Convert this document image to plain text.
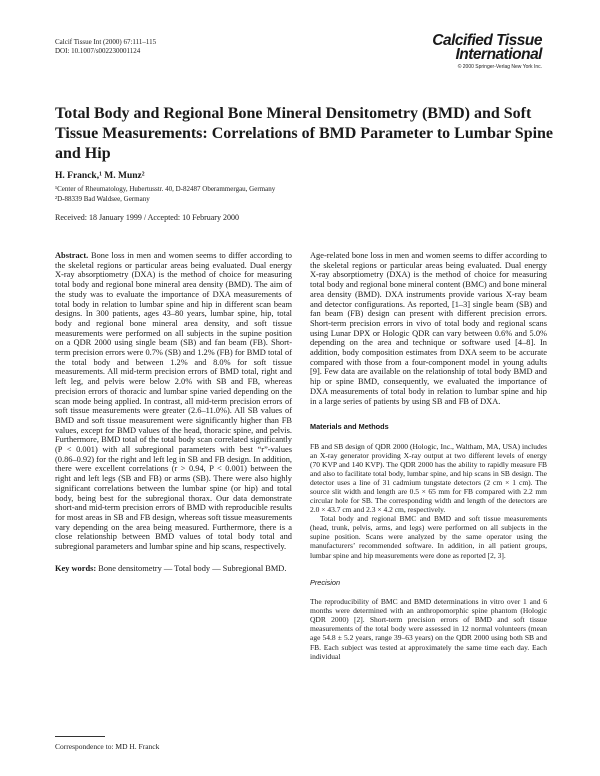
Calcif Tissue Int (2000) 67:111–115
DOI: 10.1007/s002230001124
Calcified Tissue
International
© 2000 Springer-Verlag New York Inc.
Total Body and Regional Bone Mineral Densitometry (BMD) and Soft Tissue Measurements: Correlations of BMD Parameter to Lumbar Spine and Hip

H. Franck,¹ M. Munz²

¹Center of Rheumatology, Hubertusstr. 40, D-82487 Oberammergau, Germany
²D-88339 Bad Waldsee, Germany
Received: 18 January 1999 / Accepted: 10 February 2000

Abstract. Bone loss in men and women seems to differ according to the skeletal regions or particular areas being evaluated. Dual energy X-ray absorptiometry (DXA) is the method of choice for measuring total body and regional bone mineral area density (BMD). The aim of the study was to evaluate the importance of DXA measurements of total body in relation to lumbar spine and hip in different scan beam designs. In 300 patients, ages 43–80 years, lumbar spine, hip, total body and regional bone mineral area density, and soft tissue measurements were performed on all subjects in the supine position on a QDR 2000 using single beam (SB) and fan beam (FB). Short-term precision errors were 0.7% (SB) and 1.2% (FB) for BMD total of the total body and between 1.2% and 8.0% for soft tissue measurements. All mid-term precision errors of BMD total, right and left leg, and pelvis were below 2.0% with SB and FB, whereas precision errors of thoracic and lumbar spine varied depending on the scan mode being applied. In contrast, all mid-term precision errors of soft tissue measurements were greater (2.6–11.0%). All SB values of BMD and soft tissue measurement were significantly higher than FB values, except for BMD values of the head, thoracic spine, and pelvis. Furthermore, BMD total of the total body scan correlated significantly (P < 0.001) with all subregional parameters with best “r”-values (0.86–0.92) for the right and left leg in SB and FB design. In addition, there were excellent correlations (r > 0.94, P < 0.001) between the right and left legs (SB and FB) or arms (SB). There were also highly significant correlations between the lumbar spine (or hip) and total body, being best for the subregional thorax. Our data demonstrate short-and mid-term precision errors of BMD with reproducible results for most areas in SB and FB design, whereas soft tissue measurements vary depending on the area being measured. Furthermore, there is a close relationship between BMD values of total body total and subregional parameters and lumbar spine and hip scans, respectively.

Key words: Bone densitometry — Total body — Subregional BMD.

Age-related bone loss in men and women seems to differ according to the skeletal regions or particular areas being evaluated. Dual energy X-ray absorptiometry (DXA) is the method of choice for measuring total body and regional bone mineral content (BMC) and bone mineral area density (BMD). DXA instruments provide various X-ray beam and detector configurations. As reported, [1–3] single beam (SB) and fan beam (FB) design can present with different precision errors. Short-term precision errors in vivo of total body and regional scans using Lunar DPX or Hologic QDR can vary between 0.6% and 5.0% depending on the area and technique or software used [4–8]. In addition, body composition estimates from DXA seem to be accurate compared with those from a four-component model in young adults [9]. Few data are available on the relationship of total body BMD and hip or spine BMD, consequently, we evaluated the importance of DXA measurements of total body in relation to lumbar spine and hip in a large series of patients by using SB and FB of DXA.

Materials and Methods

FB and SB design of QDR 2000 (Hologic, Inc., Waltham, MA, USA) includes an X-ray generator providing X-ray output at two different levels of energy (70 KVP and 140 KVP). The QDR 2000 has the ability to rapidly measure FB and also to facilitate total body, lumbar spine, and hip scans in SB design. The detector uses a line of 31 cadmium tungstate detectors (2 cm × 1 cm). The source slit width and length are 0.5 × 65 mm for FB compared with 2.2 mm circular hole for SB. The corresponding width and length of the detectors are 2.0 × 43.7 cm and 2.3 × 4.2 cm, respectively.

Total body and regional BMC and BMD and soft tissue measurements (head, trunk, pelvis, arms, and legs) were performed on all subjects in the supine position. Scans were analyzed by the same operator using the manufacturers’ recommended software. In addition, in all patient groups, lumbar spine and hip measurements were done as reported [2, 3].

Precision

The reproducibility of BMC and BMD determinations in vitro over 1 and 6 months were determined with an anthropomorphic spine phantom (Hologic QDR 2000) [2]. Short-term precision errors of BMD and soft tissue measurements of the total body were assessed in 12 normal volunteers (mean age 54.8 ± 5.2 years, range 39–63 years) on the QDR 2000 using both SB and FB. Each subject was tested at approximately the same time each day. Each individual

Correspondence to: MD H. Franck
